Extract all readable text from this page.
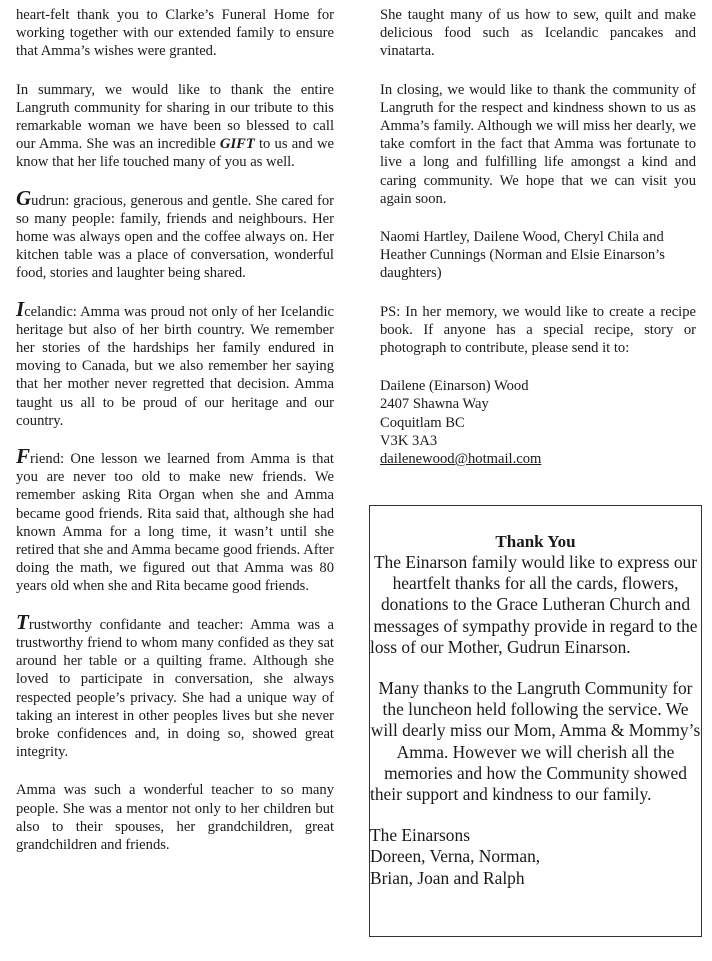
heart-felt thank you to Clarke’s Funeral Home for working together with our extended family to ensure that Amma’s wishes were granted.

In summary, we would like to thank the entire Langruth community for sharing in our tribute to this remarkable woman we have been so blessed to call our Amma. She was an incredible GIFT to us and we know that her life touched many of you as well.

Gudrun: gracious, generous and gentle. She cared for so many people: family, friends and neighbours. Her home was always open and the coffee always on. Her kitchen table was a place of conversation, wonderful food, stories and laughter being shared.

Icelandic: Amma was proud not only of her Icelandic heritage but also of her birth country. We remember her stories of the hardships her family endured in moving to Canada, but we also remember her saying that her mother never regretted that decision. Amma taught us all to be proud of our heritage and our country.

Friend: One lesson we learned from Amma is that you are never too old to make new friends. We remember asking Rita Organ when she and Amma became good friends. Rita said that, although she had known Amma for a long time, it wasn’t until she retired that she and Amma became good friends. After doing the math, we figured out that Amma was 80 years old when she and Rita became good friends.

Trustworthy confidante and teacher: Amma was a trustworthy friend to whom many confided as they sat around her table or a quilting frame. Although she loved to participate in conversation, she always respected people’s privacy. She had a unique way of taking an interest in other peoples lives but she never broke confidences and, in doing so, showed great integrity.

Amma was such a wonderful teacher to so many people. She was a mentor not only to her children but also to their spouses, her grandchildren, great grandchildren and friends.

She taught many of us how to sew, quilt and make delicious food such as Icelandic pancakes and vinatarta.

In closing, we would like to thank the community of Langruth for the respect and kindness shown to us as Amma’s family. Although we will miss her dearly, we take comfort in the fact that Amma was fortunate to live a long and fulfilling life amongst a kind and caring community. We hope that we can visit you again soon.

Naomi Hartley, Dailene Wood, Cheryl Chila and Heather Cunnings (Norman and Elsie Einarson’s daughters)

PS: In her memory, we would like to create a recipe book. If anyone has a special recipe, story or photograph to contribute, please send it to:

Dailene (Einarson) Wood

2407 Shawna Way

Coquitlam BC

V3K 3A3

dailenewood@hotmail.com

Thank You

The Einarson family would like to express our heartfelt thanks for all the cards, flowers, donations to the Grace Lutheran Church and messages of sympathy provide in regard to the loss of our Mother, Gudrun Einarson.

Many thanks to the Langruth Community for the luncheon held following the service. We will dearly miss our Mom, Amma & Mommy’s Amma. However we will cherish all the memories and how the Community showed their support and kindness to our family.

The Einarsons

Doreen, Verna, Norman,

Brian, Joan and Ralph
